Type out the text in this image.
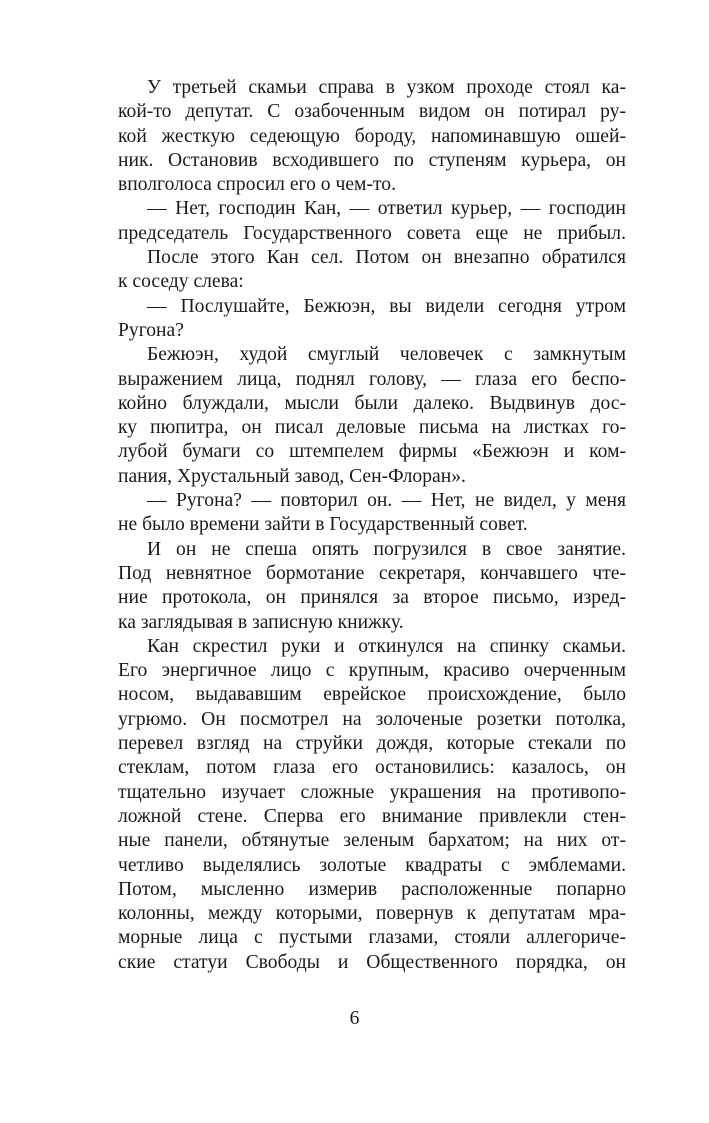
У третьей скамьи справа в узком проходе стоял ка-
кой-то депутат. С озабоченным видом он потирал ру-
кой жесткую седеющую бороду, напоминавшую ошей-
ник. Остановив всходившего по ступеням курьера, он
вполголоса спросил его о чем-то.
— Нет, господин Кан, — ответил курьер, — господин
председатель Государственного совета еще не прибыл.
После этого Кан сел. Потом он внезапно обратился
к соседу слева:
— Послушайте, Бежюэн, вы видели сегодня утром
Ругона?
Бежюэн, худой смуглый человечек с замкнутым
выражением лица, поднял голову, — глаза его беспо-
койно блуждали, мысли были далеко. Выдвинув дос-
ку пюпитра, он писал деловые письма на листках го-
лубой бумаги со штемпелем фирмы «Бежюэн и ком-
пания, Хрустальный завод, Сен-Флоран».
— Ругона? — повторил он. — Нет, не видел, у меня
не было времени зайти в Государственный совет.
И он не спеша опять погрузился в свое занятие.
Под невнятное бормотание секретаря, кончавшего чте-
ние протокола, он принялся за второе письмо, изред-
ка заглядывая в записную книжку.
Кан скрестил руки и откинулся на спинку скамьи.
Его энергичное лицо с крупным, красиво очерченным
носом, выдававшим еврейское происхождение, было
угрюмо. Он посмотрел на золоченые розетки потолка,
перевел взгляд на струйки дождя, которые стекали по
стеклам, потом глаза его остановились: казалось, он
тщательно изучает сложные украшения на противопо-
ложной стене. Сперва его внимание привлекли стен-
ные панели, обтянутые зеленым бархатом; на них от-
четливо выделялись золотые квадраты с эмблемами.
Потом, мысленно измерив расположенные попарно
колонны, между которыми, повернув к депутатам мра-
морные лица с пустыми глазами, стояли аллегориче-
ские статуи Свободы и Общественного порядка, он
6
